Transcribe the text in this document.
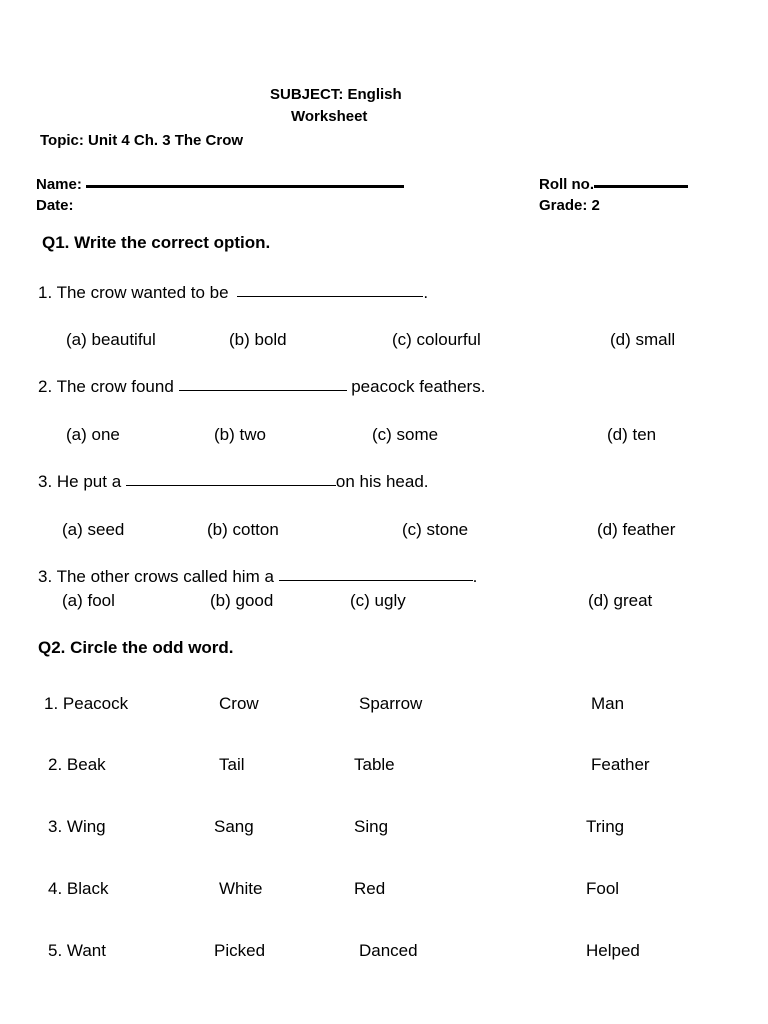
SUBJECT: English
Worksheet
Topic: Unit 4 Ch. 3 The Crow
Name:
Date:
Roll no.
Grade: 2
Q1. Write the correct option.
1. The crow wanted to be	.
(a) beautiful	(b) bold	(c) colourful	(d) small
2. The crow found	peacock feathers.
(a) one	(b) two	(c) some	(d) ten
3. He put a	on his head.
(a) seed	(b) cotton	(c) stone	(d) feather
3. The other crows called him a	.
(a) fool	(b) good	(c) ugly	(d) great
Q2. Circle the odd word.
1. Peacock	Crow	Sparrow	Man
2. Beak	Tail	Table	Feather
3. Wing	Sang	Sing	Tring
4. Black	White	Red	Fool
5. Want	Picked	Danced	Helped
